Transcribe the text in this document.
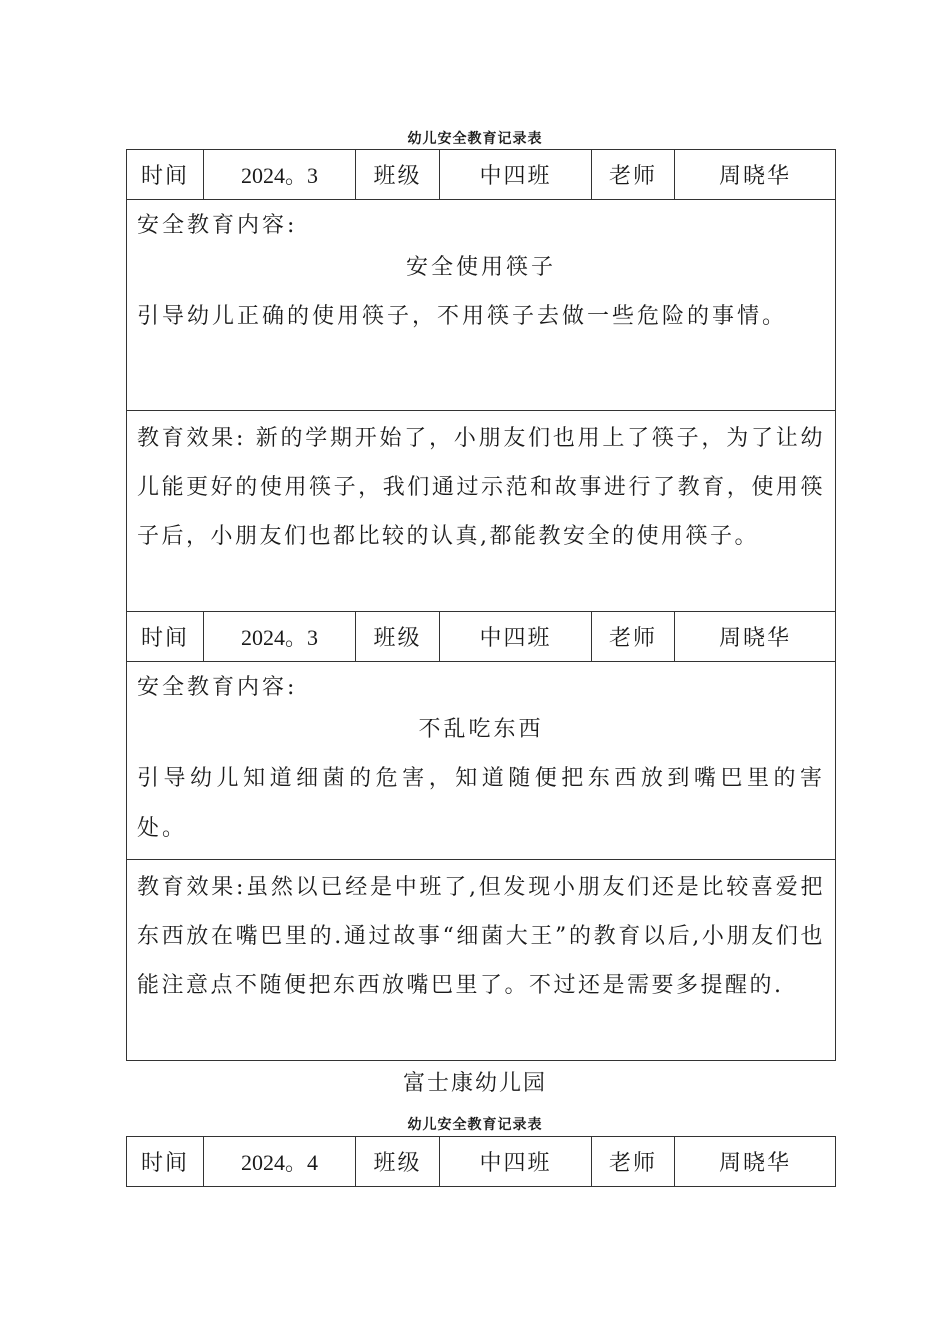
幼儿安全教育记录表
时间	2024。3	班级	中四班	老师	周晓华

安全教育内容:
安全使用筷子
引导幼儿正确的使用筷子，不用筷子去做一些危险的事情。					

教育效果: 新的学期开始了，小朋友们也用上了筷子，为了让幼儿能更好的使用筷子，我们通过示范和故事进行了教育，使用筷子后，小朋友们也都比较的认真,都能教安全的使用筷子。					

时间	2024。3	班级	中四班	老师	周晓华

安全教育内容:
不乱吃东西
引导幼儿知道细菌的危害，知道随便把东西放到嘴巴里的害处。					

教育效果:虽然以已经是中班了,但发现小朋友们还是比较喜爱把东西放在嘴巴里的.通过故事“细菌大王”的教育以后,小朋友们也能注意点不随便把东西放嘴巴里了。不过还是需要多提醒的.					
富士康幼儿园
幼儿安全教育记录表
时间	2024。4	班级	中四班	老师	周晓华
